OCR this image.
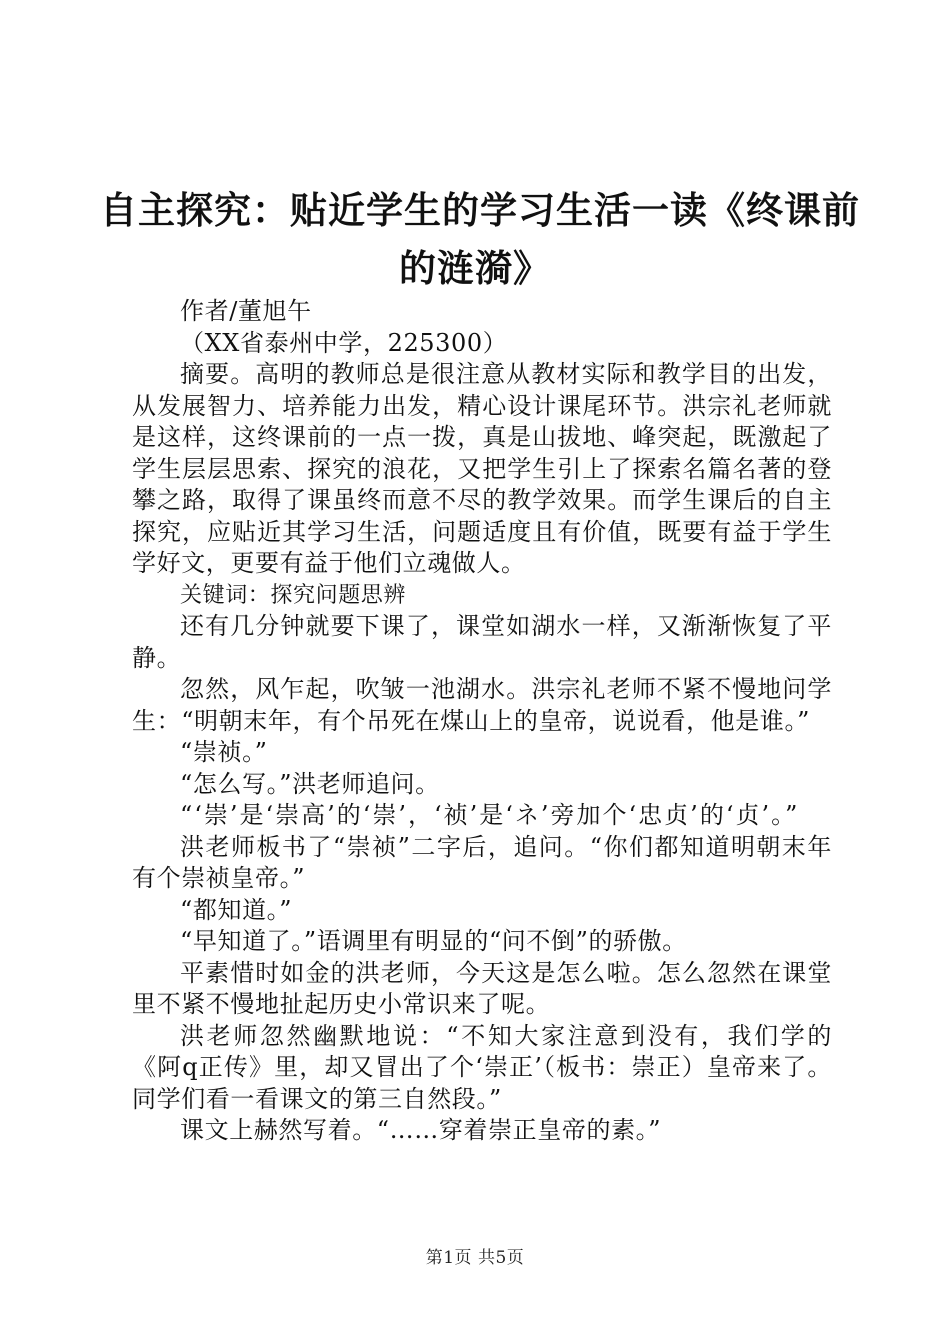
自主探究：贴近学生的学习生活一读《终课前
的涟漪》

作者/董旭午

（XX省泰州中学，225300）

摘要。高明的教师总是很注意从教材实际和教学目的出发，从发展智力、培养能力出发，精心设计课尾环节。洪宗礼老师就是这样，这终课前的一点一拨，真是山拔地、峰突起，既激起了学生层层思索、探究的浪花，又把学生引上了探索名篇名著的登攀之路，取得了课虽终而意不尽的教学效果。而学生课后的自主探究，应贴近其学习生活，问题适度且有价值，既要有益于学生学好文，更要有益于他们立魂做人。

关键词：探究问题思辨

还有几分钟就要下课了，课堂如湖水一样，又渐渐恢复了平静。

忽然，风乍起，吹皱一池湖水。洪宗礼老师不紧不慢地问学生：“明朝末年，有个吊死在煤山上的皇帝，说说看，他是谁。”

“崇祯。”

“怎么写。”洪老师追问。

“‘崇’是‘崇高’的‘崇’，‘祯’是‘ネ’旁加个‘忠贞’的‘贞’。”

洪老师板书了“崇祯”二字后，追问。“你们都知道明朝末年有个崇祯皇帝。”

“都知道。”

“早知道了。”语调里有明显的“问不倒”的骄傲。

平素惜时如金的洪老师，今天这是怎么啦。怎么忽然在课堂里不紧不慢地扯起历史小常识来了呢。

洪老师忽然幽默地说：“不知大家注意到没有，我们学的《阿q正传》里，却又冒出了个‘崇正’（板书：崇正）皇帝来了。同学们看一看课文的第三自然段。”

课文上赫然写着。“……穿着崇正皇帝的素。”

第1页 共5页
